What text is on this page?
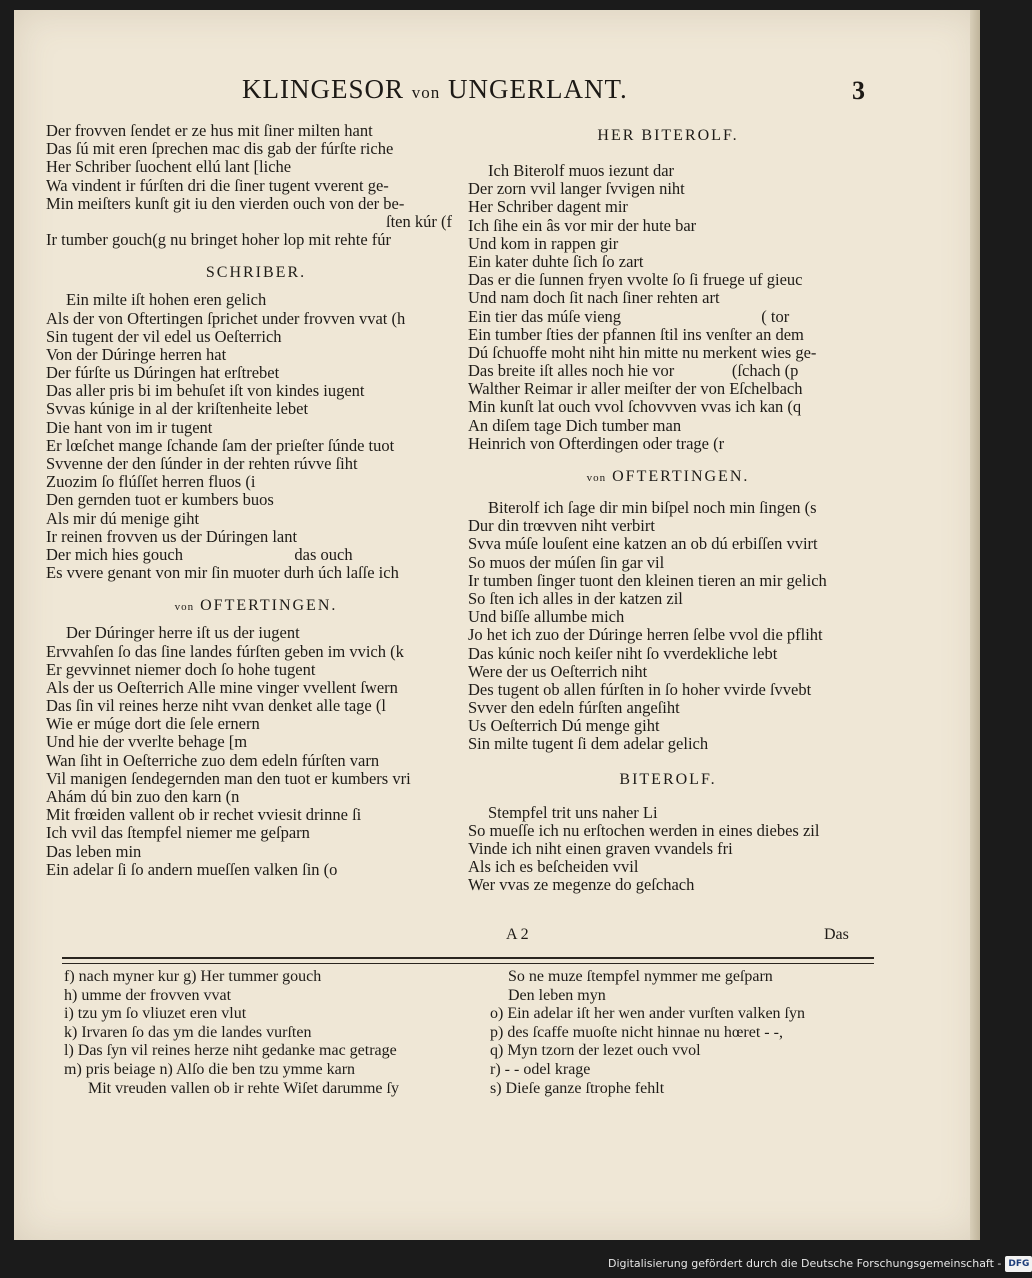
KLINGESOR von UNGERLANT.	3
Der frovven ſendet er ze hus mit ſiner milten hant
Das ſú mit eren ſprechen mac dis gab der fúrſte riche
Her Schriber ſuochent ellú lant [liche
Wa vindent ir fúrſten dri die ſiner tugent vverent ge-
Min meiſters kunſt git iu den vierden ouch von der be-
ſten kúr (f
Ir tumber gouch(g nu bringet hoher lop mit rehte fúr
SCHRIBER.
Ein milte iſt hohen eren gelich
Als der von Oftertingen ſprichet under frovven vvat (h
Sin tugent der vil edel us Oeſterrich
Von der Dúringe herren hat
Der fúrſte us Dúringen hat erſtrebet
Das aller pris bi im behuſet iſt von kindes iugent
Svvas kúnige in al der kriſtenheite lebet
Die hant von im ir tugent
Er lœſchet mange ſchande ſam der prieſter ſúnde tuot
Svvenne der den ſúnder in der rehten rúvve ſiht
Zuozim ſo flúſſet herren fluos (i
Den gernden tuot er kumbers buos
Als mir dú menige giht
Ir reinen frovven us der Dúringen lant
Der mich hies gouch                           das ouch
Es vvere genant von mir ſin muoter durh úch laſſe ich
von OFTERTINGEN.
Der Dúringer herre iſt us der iugent
Ervvahſen ſo das ſine landes fúrſten geben im vvich (k
Er gevvinnet niemer doch ſo hohe tugent
Als der us Oeſterrich Alle mine vinger vvellent ſwern
Das ſin vil reines herze niht vvan denket alle tage (l
Wie er múge dort die ſele ernern
Und hie der vverlte behage [m
Wan ſiht in Oeſterriche zuo dem edeln fúrſten varn
Vil manigen ſendegernden man den tuot er kumbers vri
Ahám dú bin zuo den karn (n
Mit frœiden vallent ob ir rechet vviesit drinne ſi
Ich vvil das ſtempfel niemer me geſparn
Das leben min
Ein adelar ſi ſo andern mueſſen valken ſin (o
HER BITEROLF.
Ich Biterolf muos iezunt dar
Der zorn vvil langer ſvvigen niht
Her Schriber dagent mir
Ich ſihe ein âs vor mir der hute bar
Und kom in rappen gir
Ein kater duhte ſich ſo zart
Das er die ſunnen fryen vvolte ſo ſi fruege uf gieuc
Und nam doch ſit nach ſiner rehten art
Ein tier das múſe vieng                                  ( tor
Ein tumber ſties der pfannen ſtil ins venſter an dem
Dú ſchuoffe moht niht hin mitte nu merkent wies ge-
Das breite iſt alles noch hie vor              (ſchach (p
Walther Reimar ir aller meiſter der von Eſchelbach
Min kunſt lat ouch vvol ſchovvven vvas ich kan (q
An diſem tage Dich tumber man
Heinrich von Ofterdingen oder trage (r
von OFTERTINGEN.
Biterolf ich ſage dir min biſpel noch min ſingen (s
Dur din trœvven niht verbirt
Svva múſe louſent eine katzen an ob dú erbiſſen vvirt
So muos der múſen ſin gar vil
Ir tumben ſinger tuont den kleinen tieren an mir gelich
So ſten ich alles in der katzen zil
Und biſſe allumbe mich
Jo het ich zuo der Dúringe herren ſelbe vvol die pfliht
Das kúnic noch keiſer niht ſo vverdekliche lebt
Were der us Oeſterrich niht
Des tugent ob allen fúrſten in ſo hoher vvirde ſvvebt
Svver den edeln fúrſten angeſiht
Us Oeſterrich Dú menge giht
Sin milte tugent ſi dem adelar gelich
BITEROLF.
Stempfel trit uns naher Li
So mueſſe ich nu erſtochen werden in eines diebes zil
Vinde ich niht einen graven vvandels fri
Als ich es beſcheiden vvil
Wer vvas ze megenze do geſchach
A 2	Das
f) nach myner kur g) Her tummer gouch
h) umme der frovven vvat
i) tzu ym ſo vliuzet eren vlut
k) Irvaren ſo das ym die landes vurſten
l) Das ſyn vil reines herze niht gedanke mac getrage
m) pris beiage n) Alſo die ben tzu ymme karn
Mit vreuden vallen ob ir rehte Wiſet darumme ſy
So ne muze ſtempfel nymmer me geſparn
Den leben myn
o) Ein adelar iſt her wen ander vurſten valken ſyn
p) des ſcaffe muoſte nicht hinnae nu hœret - -,
q) Myn tzorn der lezet ouch vvol
r) - - odel krage
s) Dieſe ganze ſtrophe fehlt
Digitalisierung gefördert durch die Deutsche Forschungsgemeinschaft - DFG
